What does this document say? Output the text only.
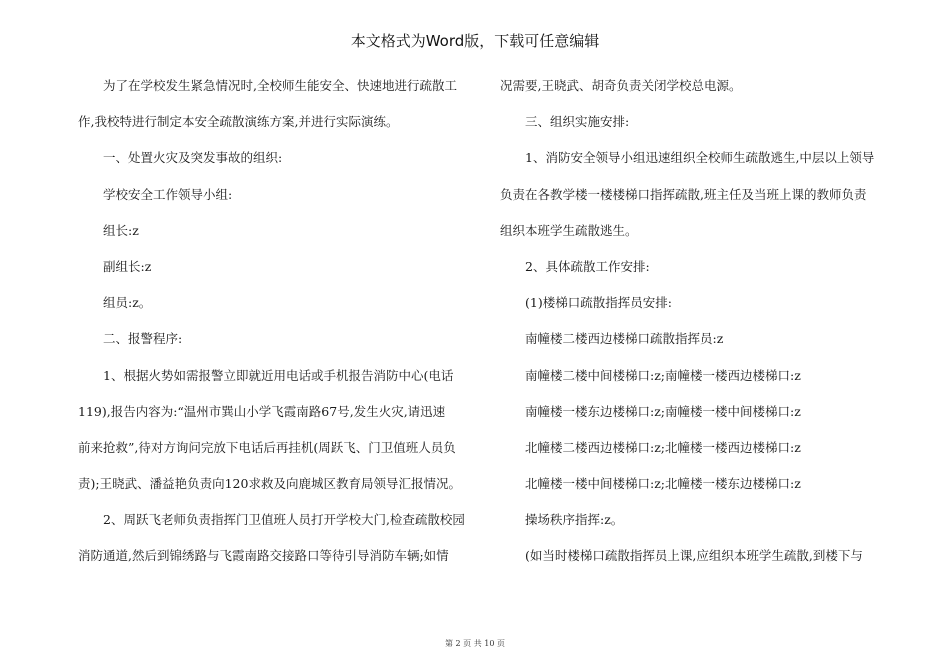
本文格式为Word版，下载可任意编辑
为了在学校发生紧急情况时,全校师生能安全、快速地进行疏散工
作,我校特进行制定本安全疏散演练方案,并进行实际演练。
一、处置火灾及突发事故的组织:
学校安全工作领导小组:
组长:z
副组长:z
组员:z。
二、报警程序:
1、根据火势如需报警立即就近用电话或手机报告消防中心(电话
119),报告内容为:“温州市巽山小学飞霞南路67号,发生火灾,请迅速
前来抢救”,待对方询问完放下电话后再挂机(周跃飞、门卫值班人员负
责);王晓武、潘益艳负责向120求救及向鹿城区教育局领导汇报情况。
2、周跃飞老师负责指挥门卫值班人员打开学校大门,检查疏散校园
消防通道,然后到锦绣路与飞霞南路交接路口等待引导消防车辆;如情
况需要,王晓武、胡奇负责关闭学校总电源。
三、组织实施安排:
1、消防安全领导小组迅速组织全校师生疏散逃生,中层以上领导
负责在各教学楼一楼楼梯口指挥疏散,班主任及当班上课的教师负责
组织本班学生疏散逃生。
2、具体疏散工作安排:
(1)楼梯口疏散指挥员安排:
南幢楼二楼西边楼梯口疏散指挥员:z
南幢楼二楼中间楼梯口:z;南幢楼一楼西边楼梯口:z
南幢楼一楼东边楼梯口:z;南幢楼一楼中间楼梯口:z
北幢楼二楼西边楼梯口:z;北幢楼一楼西边楼梯口:z
北幢楼一楼中间楼梯口:z;北幢楼一楼东边楼梯口:z
操场秩序指挥:z。
(如当时楼梯口疏散指挥员上课,应组织本班学生疏散,到楼下与
第 2 页 共 10 页
